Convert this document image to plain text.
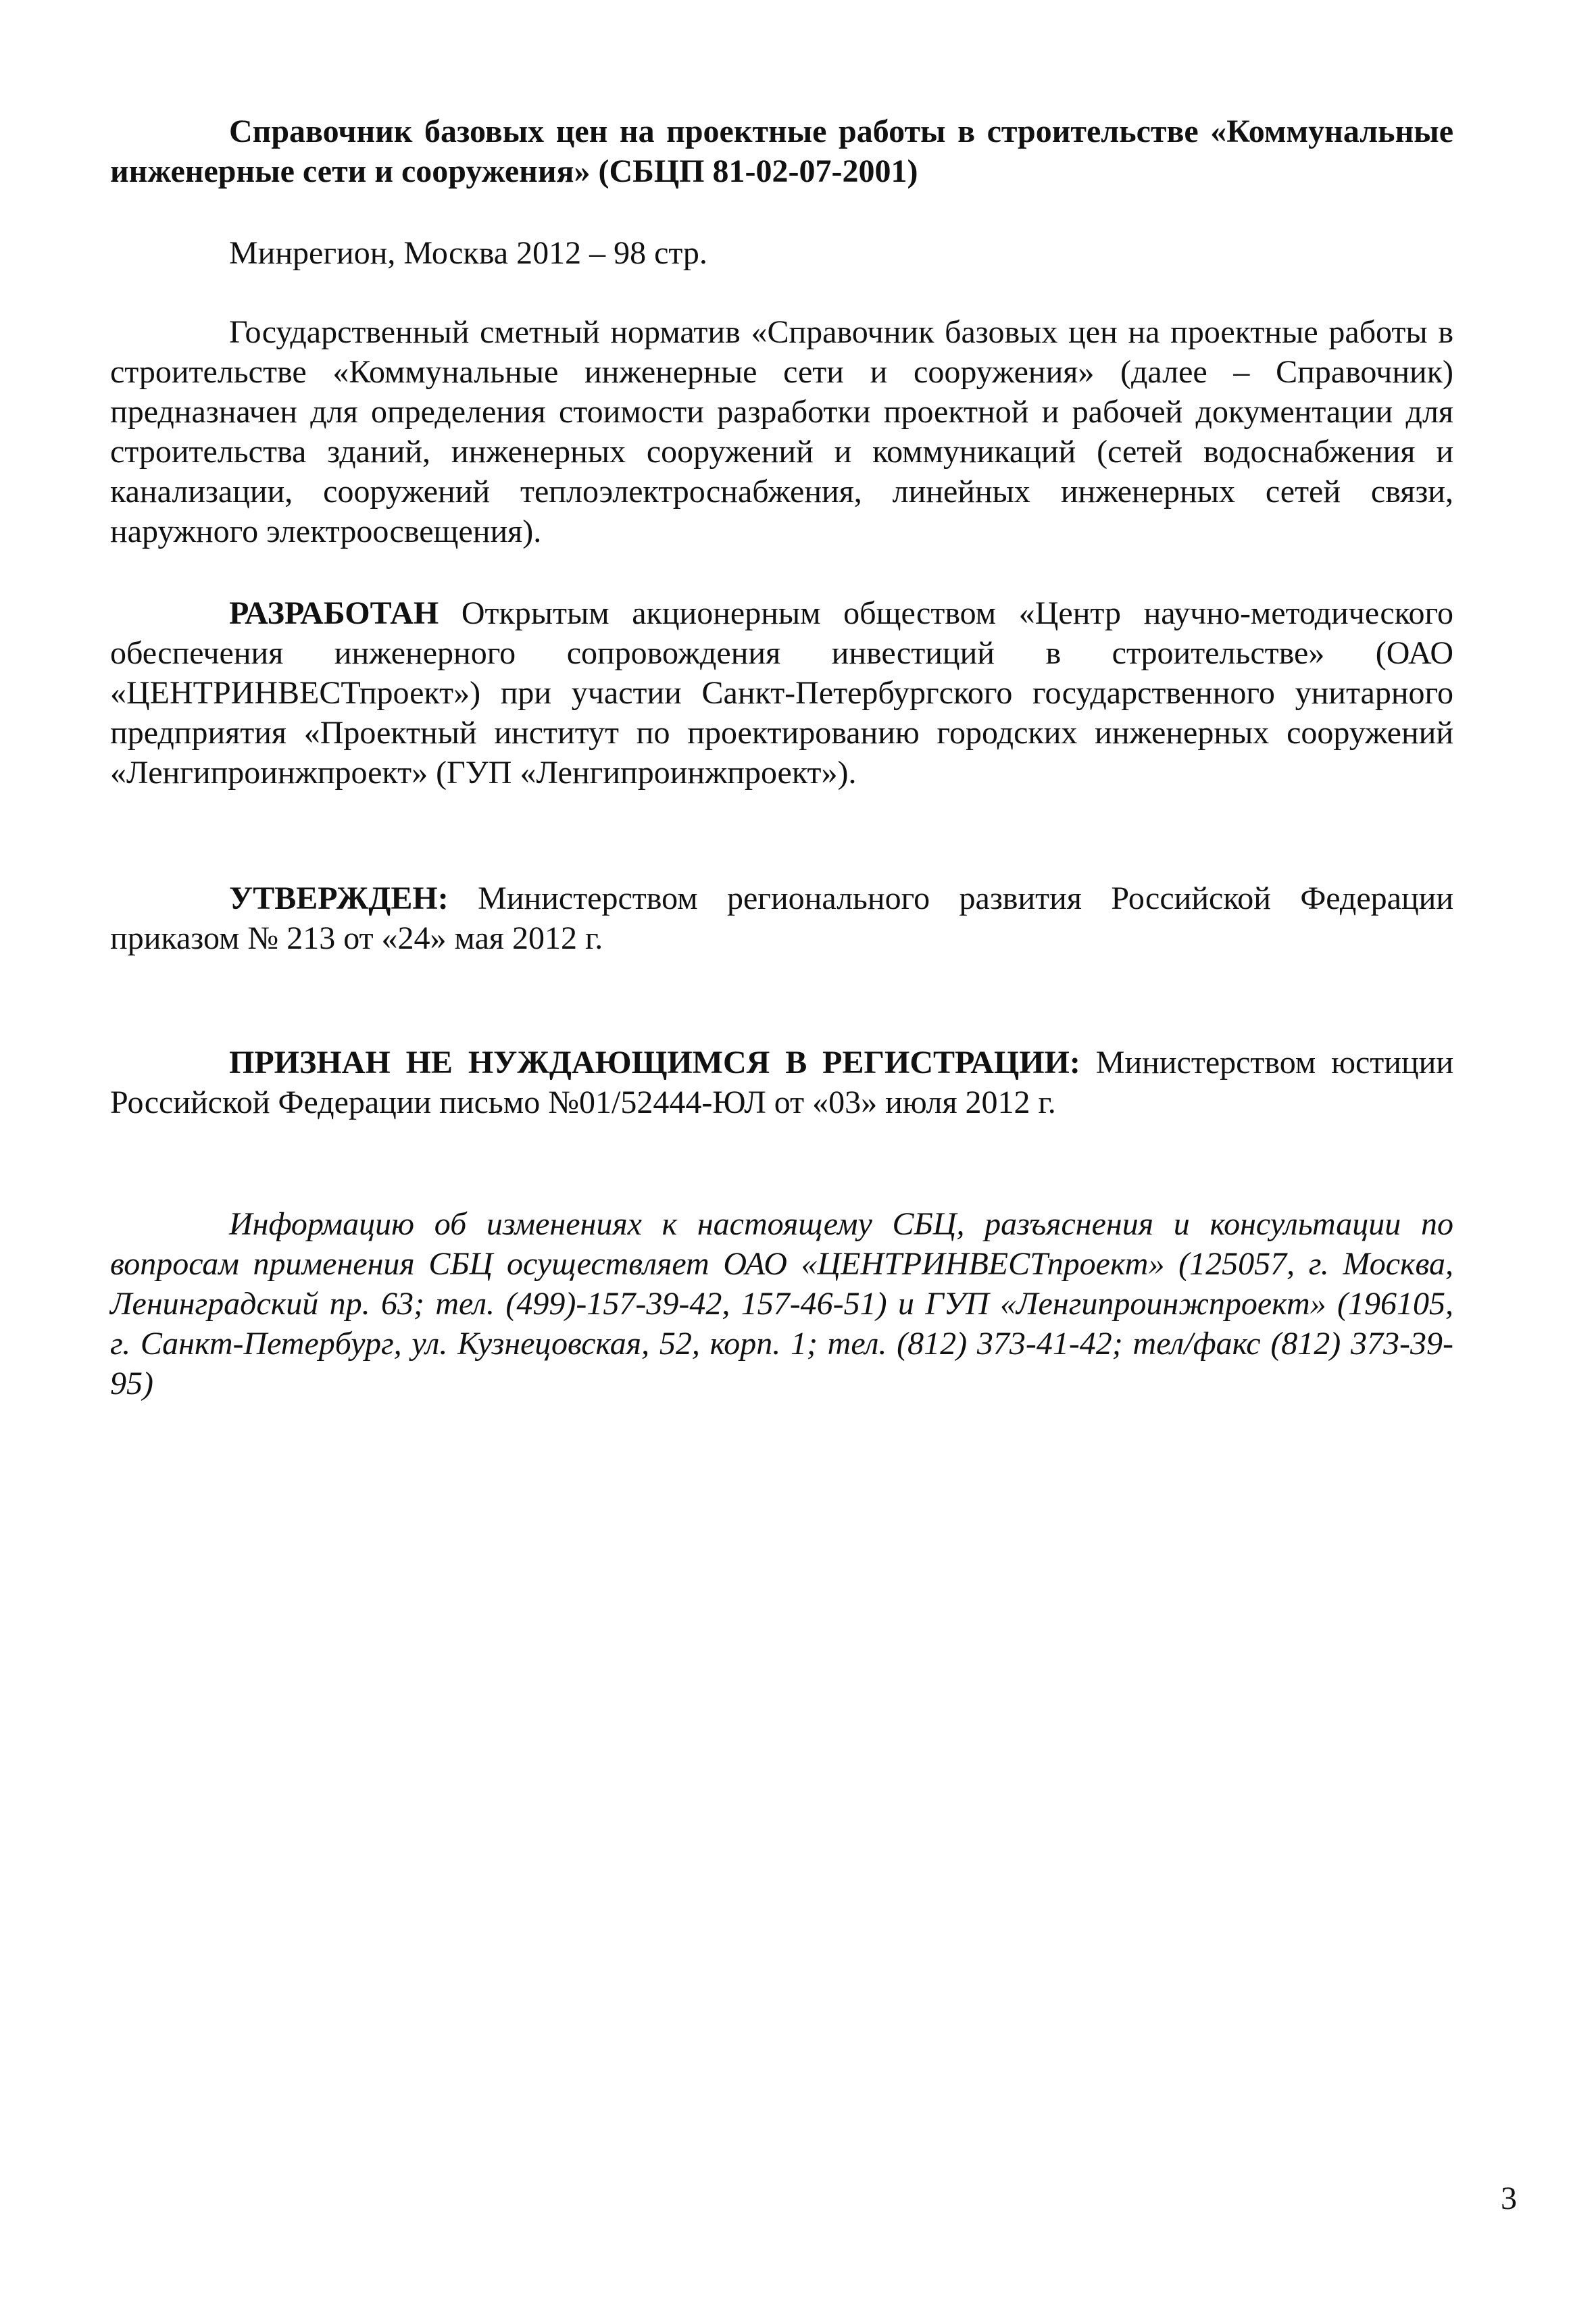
Справочник базовых цен на проектные работы в строительстве «Коммунальные инженерные сети и сооружения» (СБЦП 81-02-07-2001)

Минрегион, Москва 2012 – 98 стр.

Государственный сметный норматив «Справочник базовых цен на проектные работы в строительстве «Коммунальные инженерные сети и сооружения» (далее – Справочник) предназначен для определения стоимости разработки проектной и рабочей документации для строительства зданий, инженерных сооружений и коммуникаций (сетей водоснабжения и канализации, сооружений теплоэлектроснабжения, линейных инженерных сетей связи, наружного электроосвещения).

РАЗРАБОТАН Открытым акционерным обществом «Центр научно-методического обеспечения инженерного сопровождения инвестиций в строительстве» (ОАО «ЦЕНТРИНВЕСТпроект») при участии Санкт-Петербургского государственного унитарного предприятия «Проектный институт по проектированию городских инженерных сооружений «Ленгипроинжпроект» (ГУП «Ленгипроинжпроект»).

УТВЕРЖДЕН: Министерством регионального развития Российской Федерации приказом № 213 от «24» мая 2012 г.

ПРИЗНАН НЕ НУЖДАЮЩИМСЯ В РЕГИСТРАЦИИ: Министерством юстиции Российской Федерации письмо №01/52444-ЮЛ от «03» июля 2012 г.

Информацию об изменениях к настоящему СБЦ, разъяснения и консультации по вопросам применения СБЦ осуществляет ОАО «ЦЕНТРИНВЕСТпроект» (125057, г. Москва, Ленинградский пр. 63; тел. (499)-157-39-42, 157-46-51) и ГУП «Ленгипроинжпроект» (196105, г. Санкт-Петербург, ул. Кузнецовская, 52, корп. 1; тел. (812) 373-41-42; тел/факс (812) 373-39-95)

3
